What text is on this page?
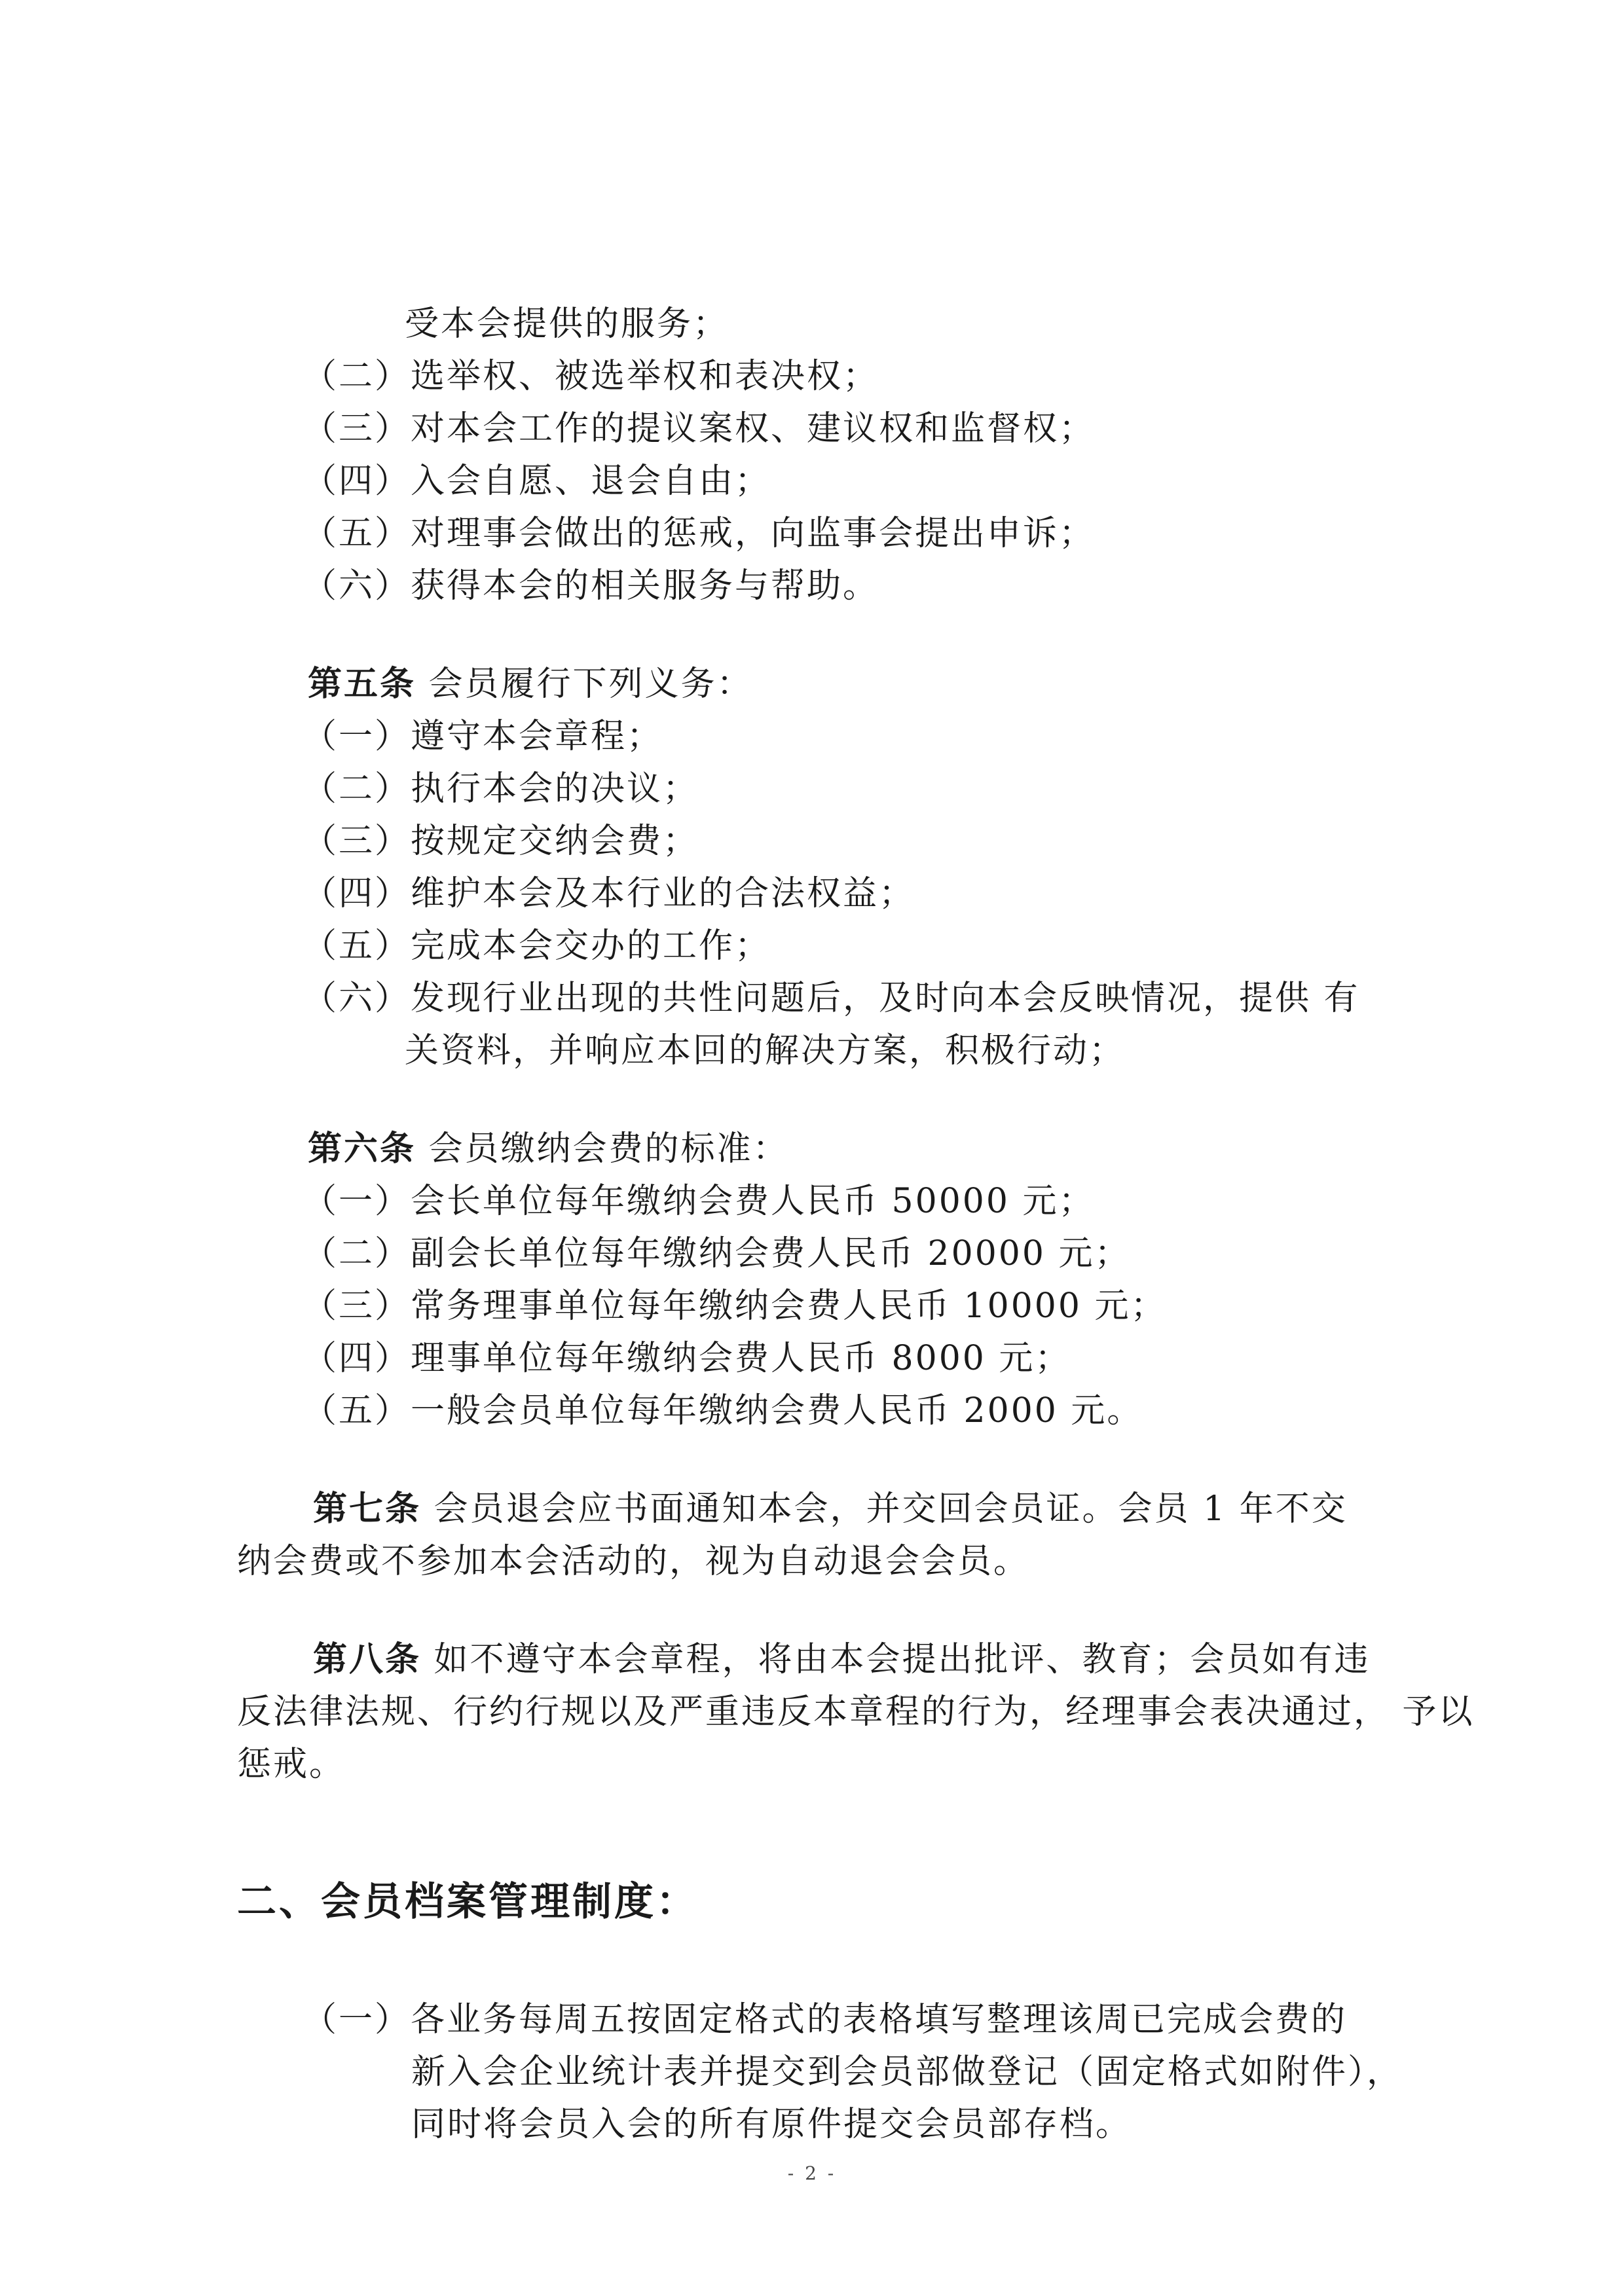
受本会提供的服务；
（二）选举权、被选举权和表决权；
（三）对本会工作的提议案权、建议权和监督权；
（四）入会自愿、退会自由；
（五）对理事会做出的惩戒，向监事会提出申诉；
（六）获得本会的相关服务与帮助。
第五条 会员履行下列义务：
（一）遵守本会章程；
（二）执行本会的决议；
（三）按规定交纳会费；
（四）维护本会及本行业的合法权益；
（五）完成本会交办的工作；
（六）发现行业出现的共性问题后，及时向本会反映情况，提供 有
关资料，并响应本回的解决方案，积极行动；
第六条 会员缴纳会费的标准：
（一）会长单位每年缴纳会费人民币 50000 元；
（二）副会长单位每年缴纳会费人民币 20000 元；
（三）常务理事单位每年缴纳会费人民币 10000 元；
（四）理事单位每年缴纳会费人民币 8000 元；
（五）一般会员单位每年缴纳会费人民币 2000 元。
第七条 会员退会应书面通知本会，并交回会员证。会员 1 年不交
纳会费或不参加本会活动的，视为自动退会会员。
第八条 如不遵守本会章程，将由本会提出批评、教育；会员如有违
反法律法规、行约行规以及严重违反本章程的行为，经理事会表决通过， 予以
惩戒。
二、会员档案管理制度：
（一）各业务每周五按固定格式的表格填写整理该周已完成会费的
新入会企业统计表并提交到会员部做登记（固定格式如附件），
同时将会员入会的所有原件提交会员部存档。
- 2 -
